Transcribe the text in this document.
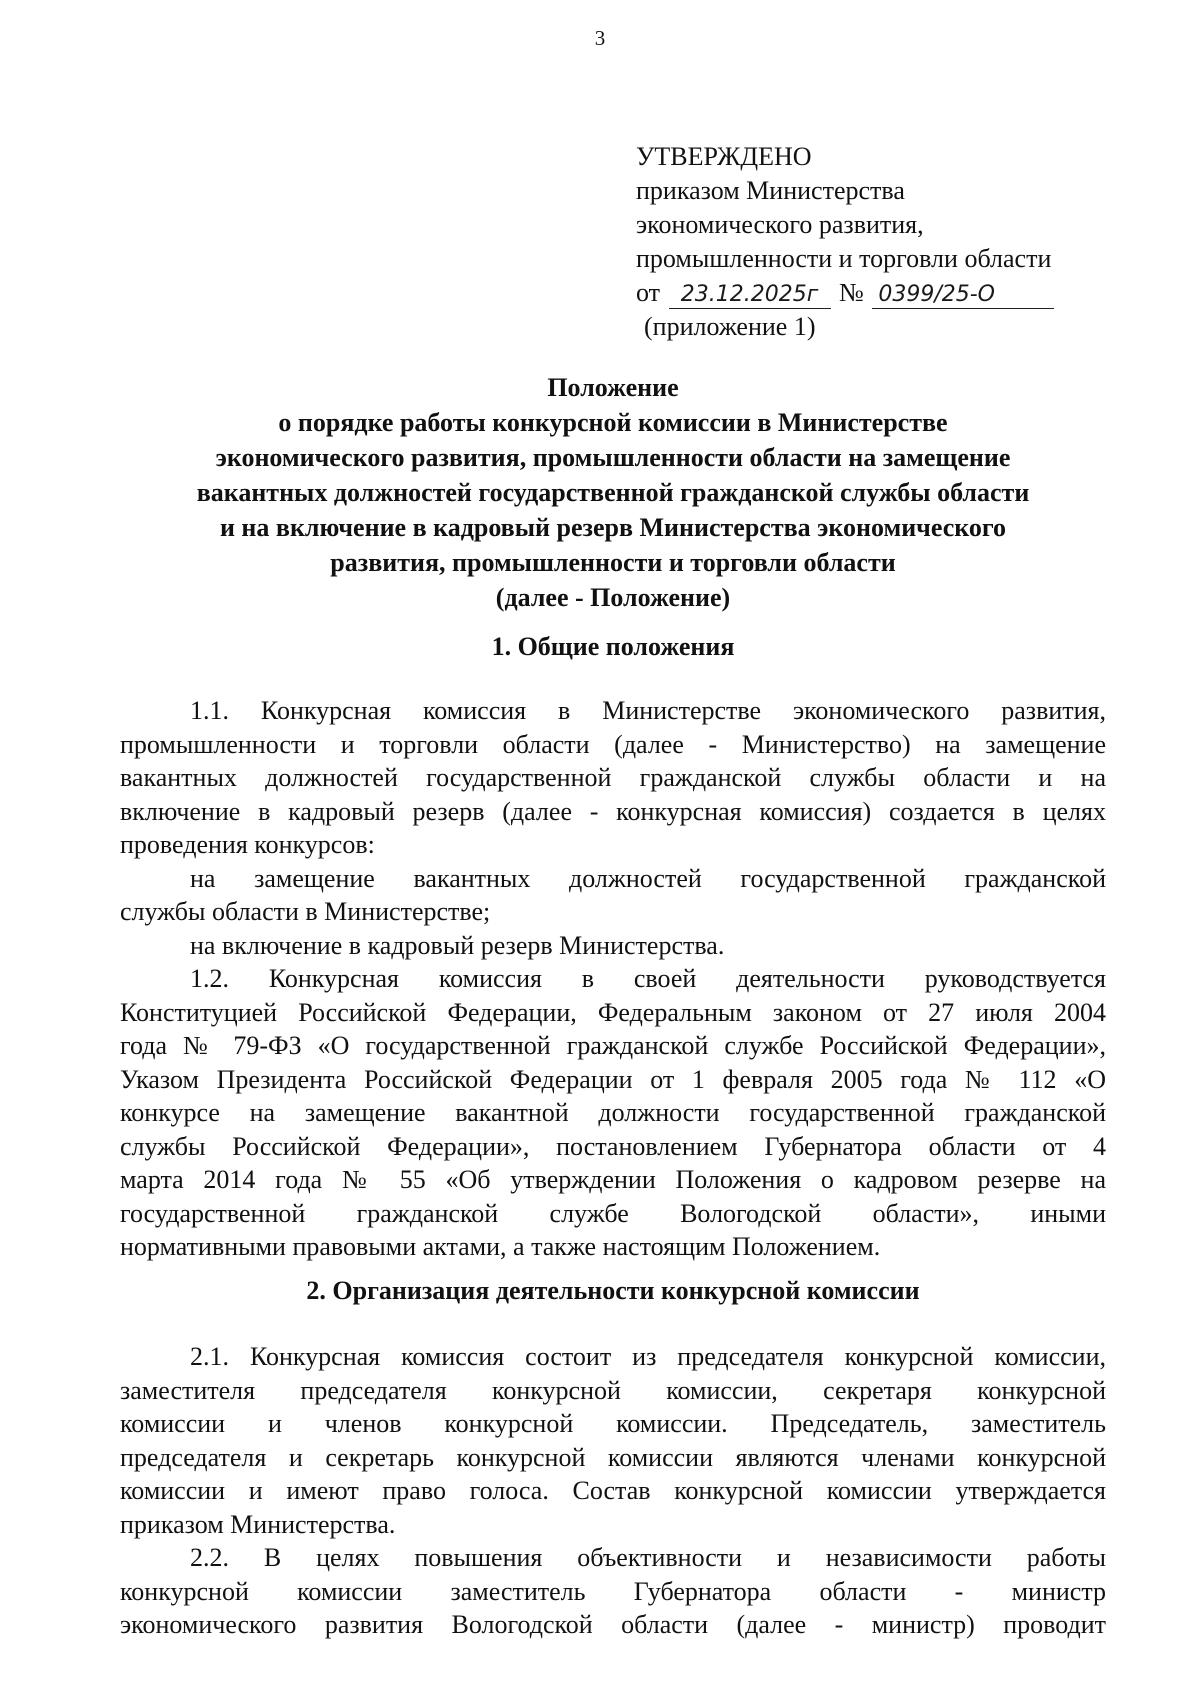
3
УТВЕРЖДЕНО
приказом Министерства
экономического развития,
промышленности и торговли области
от 23.12.2025г № 0399/25-О
(приложение 1)
Положение
о порядке работы конкурсной комиссии в Министерстве
экономического развития, промышленности области на замещение
вакантных должностей государственной гражданской службы области
и на включение в кадровый резерв Министерства экономического
развития, промышленности и торговли области
(далее - Положение)
1. Общие положения
1.1. Конкурсная комиссия в Министерстве экономического развития,
промышленности и торговли области (далее - Министерство) на замещение
вакантных должностей государственной гражданской службы области и на
включение в кадровый резерв (далее - конкурсная комиссия) создается в целях
проведения конкурсов:
на замещение вакантных должностей государственной гражданской
службы области в Министерстве;
на включение в кадровый резерв Министерства.
1.2. Конкурсная комиссия в своей деятельности руководствуется
Конституцией Российской Федерации, Федеральным законом от 27 июля 2004
года № 79-ФЗ «О государственной гражданской службе Российской Федерации»,
Указом Президента Российской Федерации от 1 февраля 2005 года № 112 «О
конкурсе на замещение вакантной должности государственной гражданской
службы Российской Федерации», постановлением Губернатора области от 4
марта 2014 года № 55 «Об утверждении Положения о кадровом резерве на
государственной гражданской службе Вологодской области», иными
нормативными правовыми актами, а также настоящим Положением.
2. Организация деятельности конкурсной комиссии
2.1. Конкурсная комиссия состоит из председателя конкурсной комиссии,
заместителя председателя конкурсной комиссии, секретаря конкурсной
комиссии и членов конкурсной комиссии. Председатель, заместитель
председателя и секретарь конкурсной комиссии являются членами конкурсной
комиссии и имеют право голоса. Состав конкурсной комиссии утверждается
приказом Министерства.
2.2. В целях повышения объективности и независимости работы
конкурсной комиссии заместитель Губернатора области - министр
экономического развития Вологодской области (далее - министр) проводит
